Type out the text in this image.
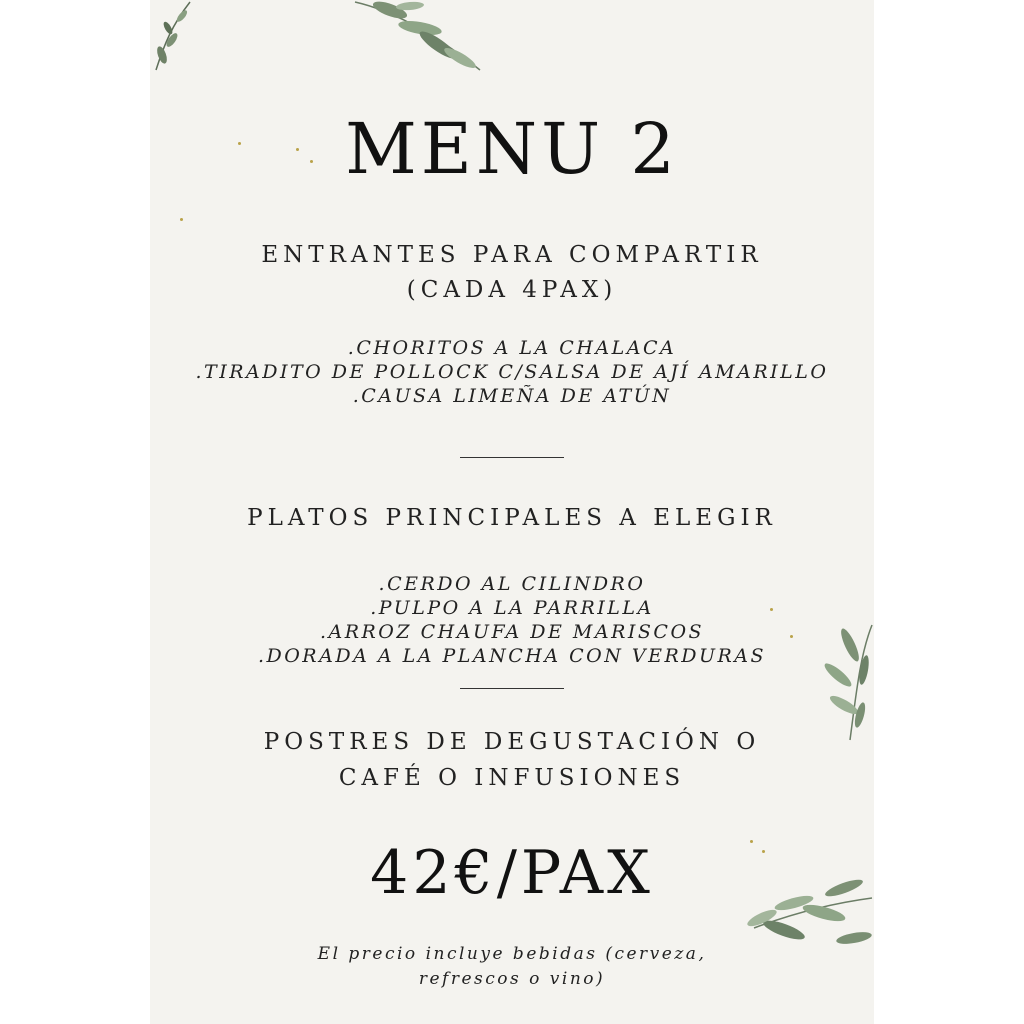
MENU 2
ENTRANTES PARA COMPARTIR
(CADA 4PAX)
.CHORITOS A LA CHALACA
.TIRADITO DE POLLOCK C/SALSA DE AJÍ AMARILLO
.CAUSA LIMEÑA DE ATÚN
PLATOS PRINCIPALES A ELEGIR
.CERDO AL CILINDRO
.PULPO A LA PARRILLA
.ARROZ CHAUFA DE MARISCOS
.DORADA A LA PLANCHA CON VERDURAS
POSTRES DE DEGUSTACIÓN O
CAFÉ O INFUSIONES
42€/PAX
El precio incluye bebidas (cerveza,
refrescos o vino)
